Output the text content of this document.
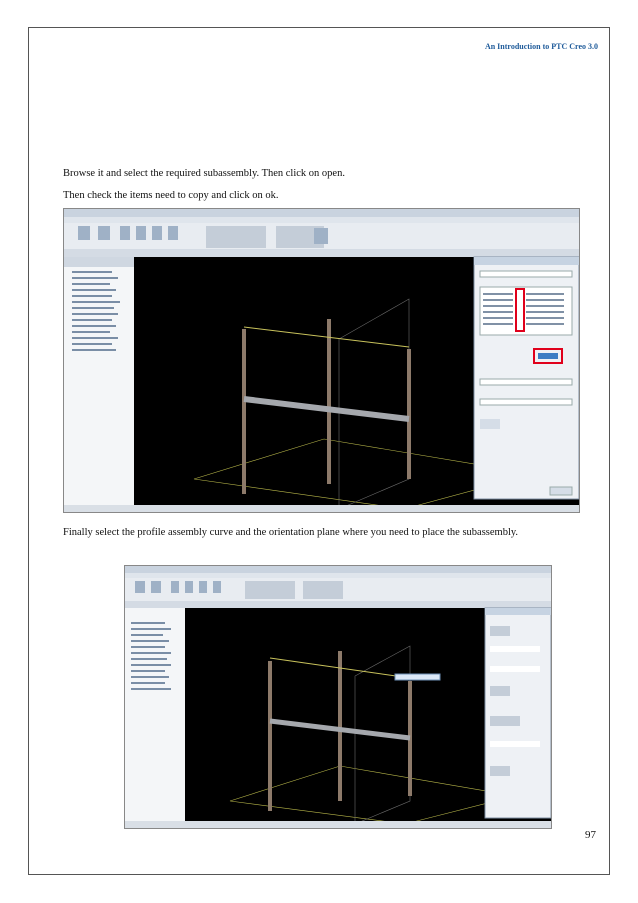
An Introduction to PTC Creo 3.0
Browse it and select the required subassembly. Then click on open.
Then check the items need to copy and click on ok.
Finally select the profile assembly curve and the orientation plane where you need to place the subassembly.
97
